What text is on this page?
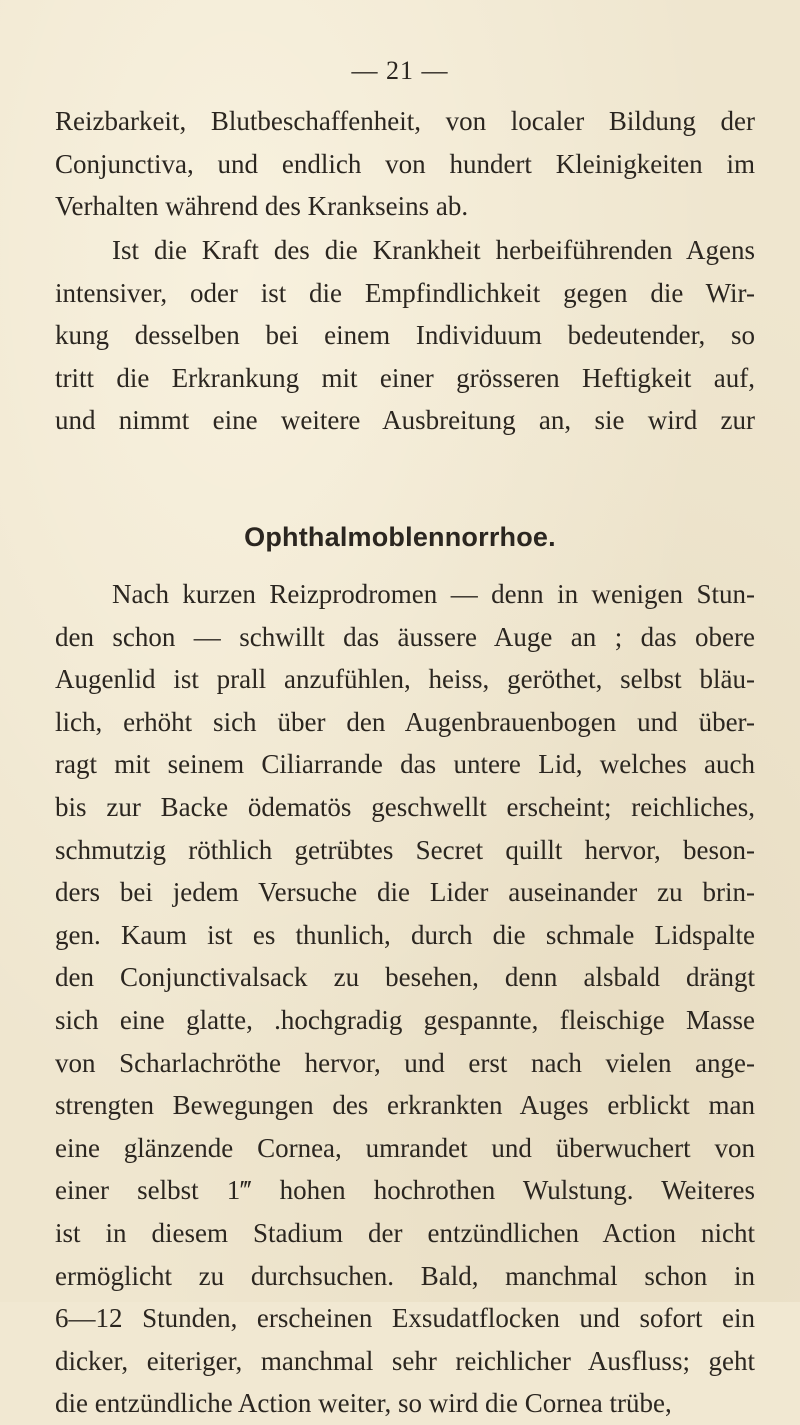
— 21 —
Reizbarkeit, Blutbeschaffenheit, von localer Bildung der
Conjunctiva, und endlich von hundert Kleinigkeiten im
Verhalten während des Krankseins ab.
Ist die Kraft des die Krankheit herbeiführenden Agens
intensiver, oder ist die Empfindlichkeit gegen die Wir-
kung desselben bei einem Individuum bedeutender, so
tritt die Erkrankung mit einer grösseren Heftigkeit auf,
und nimmt eine weitere Ausbreitung an, sie wird zur
Ophthalmoblennorrhoe.
Nach kurzen Reizprodromen — denn in wenigen Stun-
den schon — schwillt das äussere Auge an ; das obere
Augenlid ist prall anzufühlen, heiss, geröthet, selbst bläu-
lich, erhöht sich über den Augenbrauenbogen und über-
ragt mit seinem Ciliarrande das untere Lid, welches auch
bis zur Backe ödematös geschwellt erscheint; reichliches,
schmutzig röthlich getrübtes Secret quillt hervor, beson-
ders bei jedem Versuche die Lider auseinander zu brin-
gen. Kaum ist es thunlich, durch die schmale Lidspalte
den Conjunctivalsack zu besehen, denn alsbald drängt
sich eine glatte, .hochgradig gespannte, fleischige Masse
von Scharlachröthe hervor, und erst nach vielen ange-
strengten Bewegungen des erkrankten Auges erblickt man
eine glänzende Cornea, umrandet und überwuchert von
einer selbst 1‴ hohen hochrothen Wulstung. Weiteres
ist in diesem Stadium der entzündlichen Action nicht
ermöglicht zu durchsuchen. Bald, manchmal schon in
6—12 Stunden, erscheinen Exsudatflocken und sofort ein
dicker, eiteriger, manchmal sehr reichlicher Ausfluss; geht
die entzündliche Action weiter, so wird die Cornea trübe,
